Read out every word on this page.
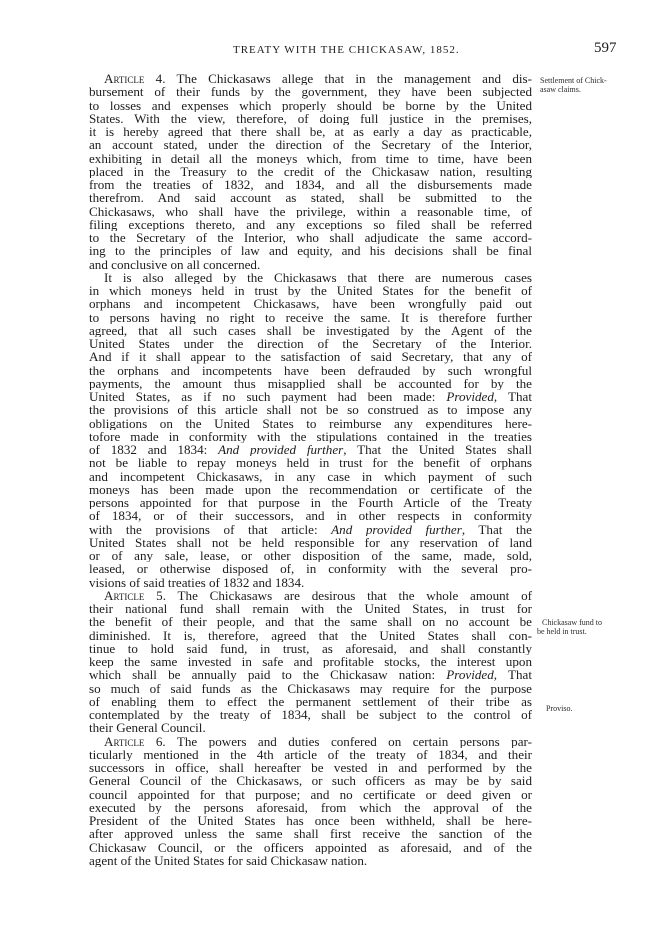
TREATY WITH THE CHICKASAW, 1852.	597
Settlement of Chick-
asaw claims.
Chickasaw fund to
be held in trust.
Proviso.
Article 4. The Chickasaws allege that in the management and dis-
bursement of their funds by the government, they have been subjected
to losses and expenses which properly should be borne by the United
States. With the view, therefore, of doing full justice in the premises,
it is hereby agreed that there shall be, at as early a day as practicable,
an account stated, under the direction of the Secretary of the Interior,
exhibiting in detail all the moneys which, from time to time, have been
placed in the Treasury to the credit of the Chickasaw nation, resulting
from the treaties of 1832, and 1834, and all the disbursements made
therefrom. And said account as stated, shall be submitted to the
Chickasaws, who shall have the privilege, within a reasonable time, of
filing exceptions thereto, and any exceptions so filed shall be referred
to the Secretary of the Interior, who shall adjudicate the same accord-
ing to the principles of law and equity, and his decisions shall be final
and conclusive on all concerned.
It is also alleged by the Chickasaws that there are numerous cases
in which moneys held in trust by the United States for the benefit of
orphans and incompetent Chickasaws, have been wrongfully paid out
to persons having no right to receive the same. It is therefore further
agreed, that all such cases shall be investigated by the Agent of the
United States under the direction of the Secretary of the Interior.
And if it shall appear to the satisfaction of said Secretary, that any of
the orphans and incompetents have been defrauded by such wrongful
payments, the amount thus misapplied shall be accounted for by the
United States, as if no such payment had been made: Provided, That
the provisions of this article shall not be so construed as to impose any
obligations on the United States to reimburse any expenditures here-
tofore made in conformity with the stipulations contained in the treaties
of 1832 and 1834: And provided further, That the United States shall
not be liable to repay moneys held in trust for the benefit of orphans
and incompetent Chickasaws, in any case in which payment of such
moneys has been made upon the recommendation or certificate of the
persons appointed for that purpose in the Fourth Article of the Treaty
of 1834, or of their successors, and in other respects in conformity
with the provisions of that article: And provided further, That the
United States shall not be held responsible for any reservation of land
or of any sale, lease, or other disposition of the same, made, sold,
leased, or otherwise disposed of, in conformity with the several pro-
visions of said treaties of 1832 and 1834.
Article 5. The Chickasaws are desirous that the whole amount of
their national fund shall remain with the United States, in trust for
the benefit of their people, and that the same shall on no account be
diminished. It is, therefore, agreed that the United States shall con-
tinue to hold said fund, in trust, as aforesaid, and shall constantly
keep the same invested in safe and profitable stocks, the interest upon
which shall be annually paid to the Chickasaw nation: Provided, That
so much of said funds as the Chickasaws may require for the purpose
of enabling them to effect the permanent settlement of their tribe as
contemplated by the treaty of 1834, shall be subject to the control of
their General Council.
Article 6. The powers and duties confered on certain persons par-
ticularly mentioned in the 4th article of the treaty of 1834, and their
successors in office, shall hereafter be vested in and performed by the
General Council of the Chickasaws, or such officers as may be by said
council appointed for that purpose; and no certificate or deed given or
executed by the persons aforesaid, from which the approval of the
President of the United States has once been withheld, shall be here-
after approved unless the same shall first receive the sanction of the
Chickasaw Council, or the officers appointed as aforesaid, and of the
agent of the United States for said Chickasaw nation.
